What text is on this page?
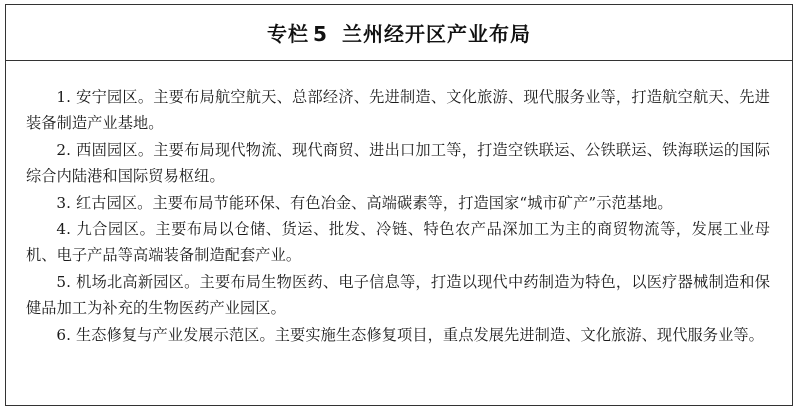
专栏 5 兰州经开区产业布局

1. 安宁园区。主要布局航空航天、总部经济、先进制造、文化旅游、现代服务业等，打造航空航天、先进装备制造产业基地。

2. 西固园区。主要布局现代物流、现代商贸、进出口加工等，打造空铁联运、公铁联运、铁海联运的国际综合内陆港和国际贸易枢纽。

3. 红古园区。主要布局节能环保、有色冶金、高端碳素等，打造国家“城市矿产”示范基地。

4. 九合园区。主要布局以仓储、货运、批发、冷链、特色农产品深加工为主的商贸物流等，发展工业母机、电子产品等高端装备制造配套产业。

5. 机场北高新园区。主要布局生物医药、电子信息等，打造以现代中药制造为特色，以医疗器械制造和保健品加工为补充的生物医药产业园区。

6. 生态修复与产业发展示范区。主要实施生态修复项目，重点发展先进制造、文化旅游、现代服务业等。
